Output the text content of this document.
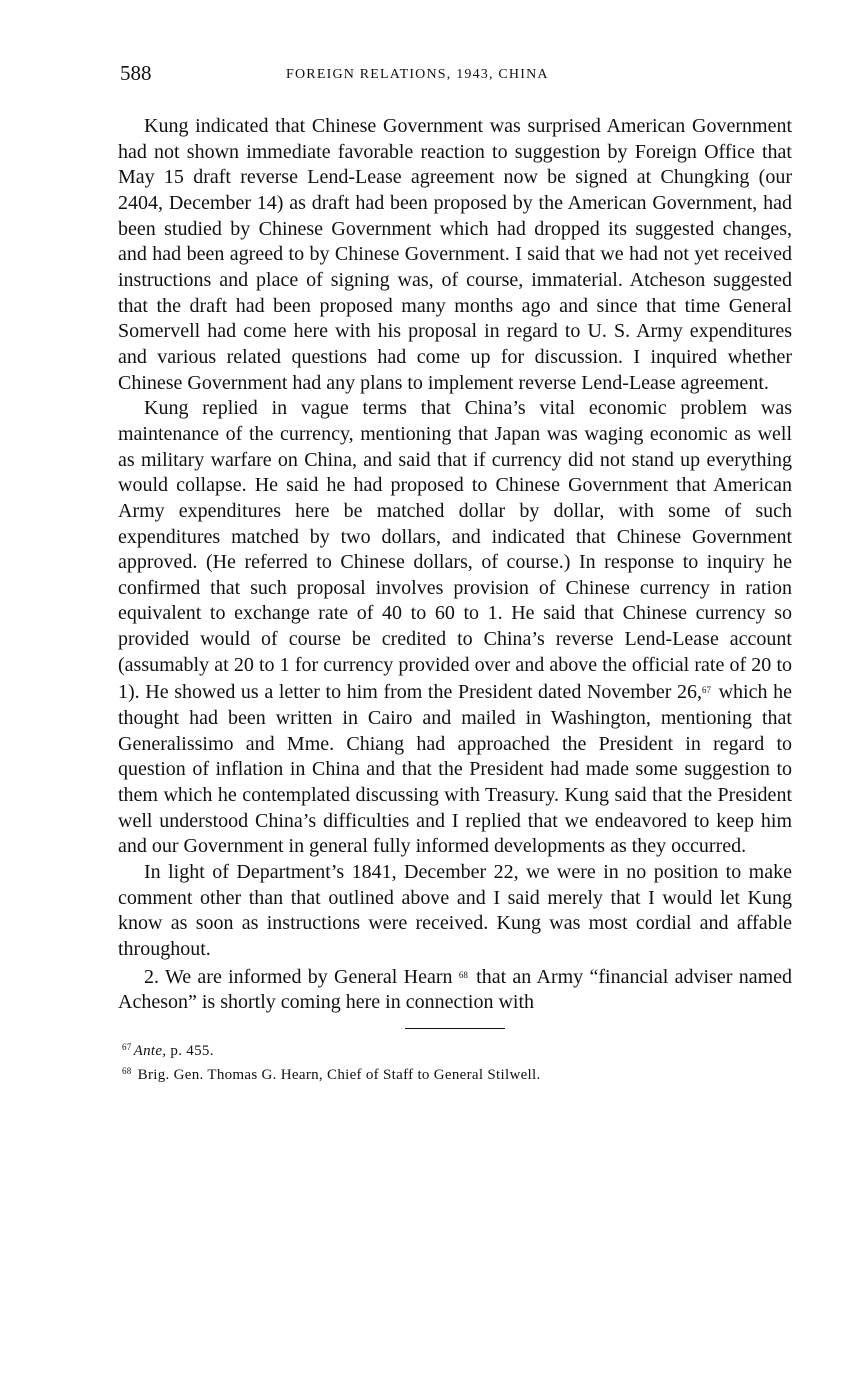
588	FOREIGN RELATIONS, 1943, CHINA

Kung indicated that Chinese Government was surprised American Government had not shown immediate favorable reaction to suggestion by Foreign Office that May 15 draft reverse Lend-Lease agreement now be signed at Chungking (our 2404, December 14) as draft had been proposed by the American Government, had been studied by Chinese Government which had dropped its suggested changes, and had been agreed to by Chinese Government. I said that we had not yet received instructions and place of signing was, of course, immaterial. Atcheson suggested that the draft had been proposed many months ago and since that time General Somervell had come here with his proposal in regard to U. S. Army expenditures and various related questions had come up for discussion. I inquired whether Chinese Government had any plans to implement reverse Lend-Lease agreement.

Kung replied in vague terms that China’s vital economic problem was maintenance of the currency, mentioning that Japan was waging economic as well as military warfare on China, and said that if currency did not stand up everything would collapse. He said he had proposed to Chinese Government that American Army expenditures here be matched dollar by dollar, with some of such expenditures matched by two dollars, and indicated that Chinese Government approved. (He referred to Chinese dollars, of course.) In response to inquiry he confirmed that such proposal involves provision of Chinese currency in ration equivalent to exchange rate of 40 to 60 to 1. He said that Chinese currency so provided would of course be credited to China’s reverse Lend-Lease account (assumably at 20 to 1 for currency provided over and above the official rate of 20 to 1). He showed us a letter to him from the President dated November 26,67 which he thought had been written in Cairo and mailed in Washington, mentioning that Generalissimo and Mme. Chiang had approached the President in regard to question of inflation in China and that the President had made some suggestion to them which he contemplated discussing with Treasury. Kung said that the President well understood China’s difficulties and I replied that we endeavored to keep him and our Government in general fully informed developments as they occurred.

In light of Department’s 1841, December 22, we were in no position to make comment other than that outlined above and I said merely that I would let Kung know as soon as instructions were received. Kung was most cordial and affable throughout.

2. We are informed by General Hearn $^{68}$ that an Army “financial adviser named Acheson” is shortly coming here in connection with

$^{67}$ Ante, p. 455.

$^{68}$ Brig. Gen. Thomas G. Hearn, Chief of Staff to General Stilwell.
